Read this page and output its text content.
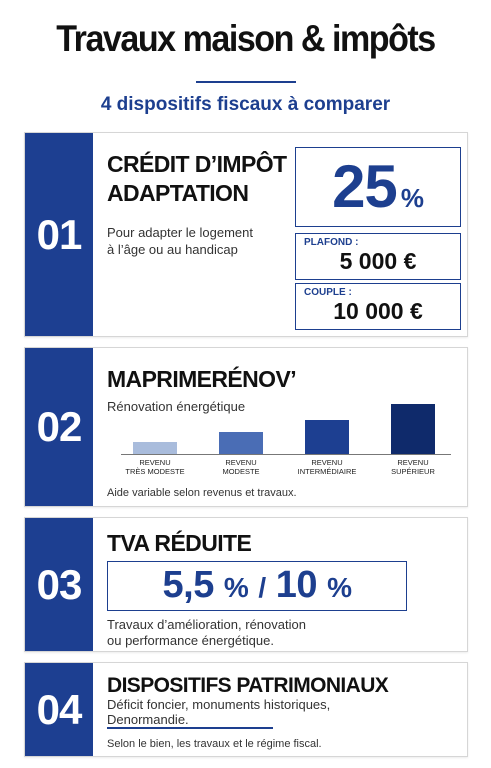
Travaux maison & impôts
4 dispositifs fiscaux à comparer
01
CRÉDIT D’IMPÔT
ADAPTATION
Pour adapter le logement
à l’âge ou au handicap
25 %
PLAFOND :
5 000 €
COUPLE :
10 000 €
02
MAPRIMERÉNOV’
Rénovation énergétique
REVENU
TRÈS MODESTE
REVENU
MODESTE
REVENU
INTERMÉDIAIRE
REVENU
SUPÉRIEUR
Aide variable selon revenus et travaux.
03
TVA RÉDUITE
5,5 % / 10 %
Travaux d’amélioration, rénovation
ou performance énergétique.
04	DISPOSITIFS PATRIMONIAUX
Déficit foncier, monuments historiques,
Denormandie.
Selon le bien, les travaux et le régime fiscal.
